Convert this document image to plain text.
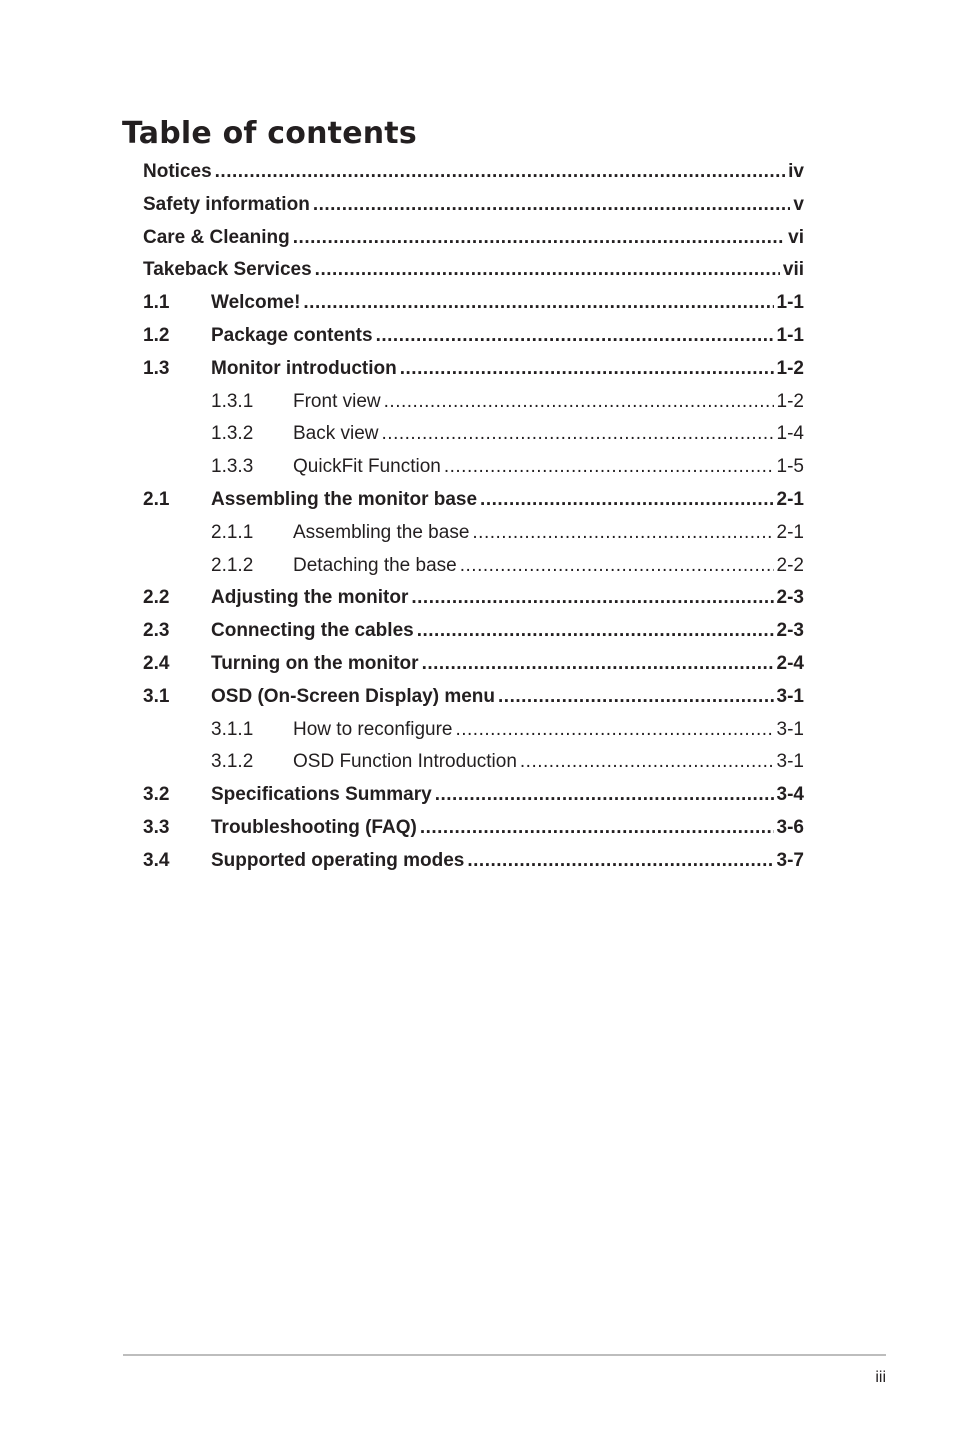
Table of contents
Notices .....	iv
Safety information .....	v
Care & Cleaning .....	vi
Takeback Services .....	vii
1.1	Welcome! .....	1-1
1.2	Package contents .....	1-1
1.3	Monitor introduction .....	1-2
1.3.1	Front view .....	1-2
1.3.2	Back view .....	1-4
1.3.3	QuickFit Function .....	1-5
2.1	Assembling the monitor base .....	2-1
2.1.1	Assembling the base .....	2-1
2.1.2	Detaching the base .....	2-2
2.2	Adjusting the monitor .....	2-3
2.3	Connecting the cables .....	2-3
2.4	Turning on the monitor .....	2-4
3.1	OSD (On-Screen Display) menu .....	3-1
3.1.1	How to reconfigure .....	3-1
3.1.2	OSD Function Introduction .....	3-1
3.2	Specifications Summary .....	3-4
3.3	Troubleshooting (FAQ) .....	3-6
3.4	Supported operating modes .....	3-7
iii
